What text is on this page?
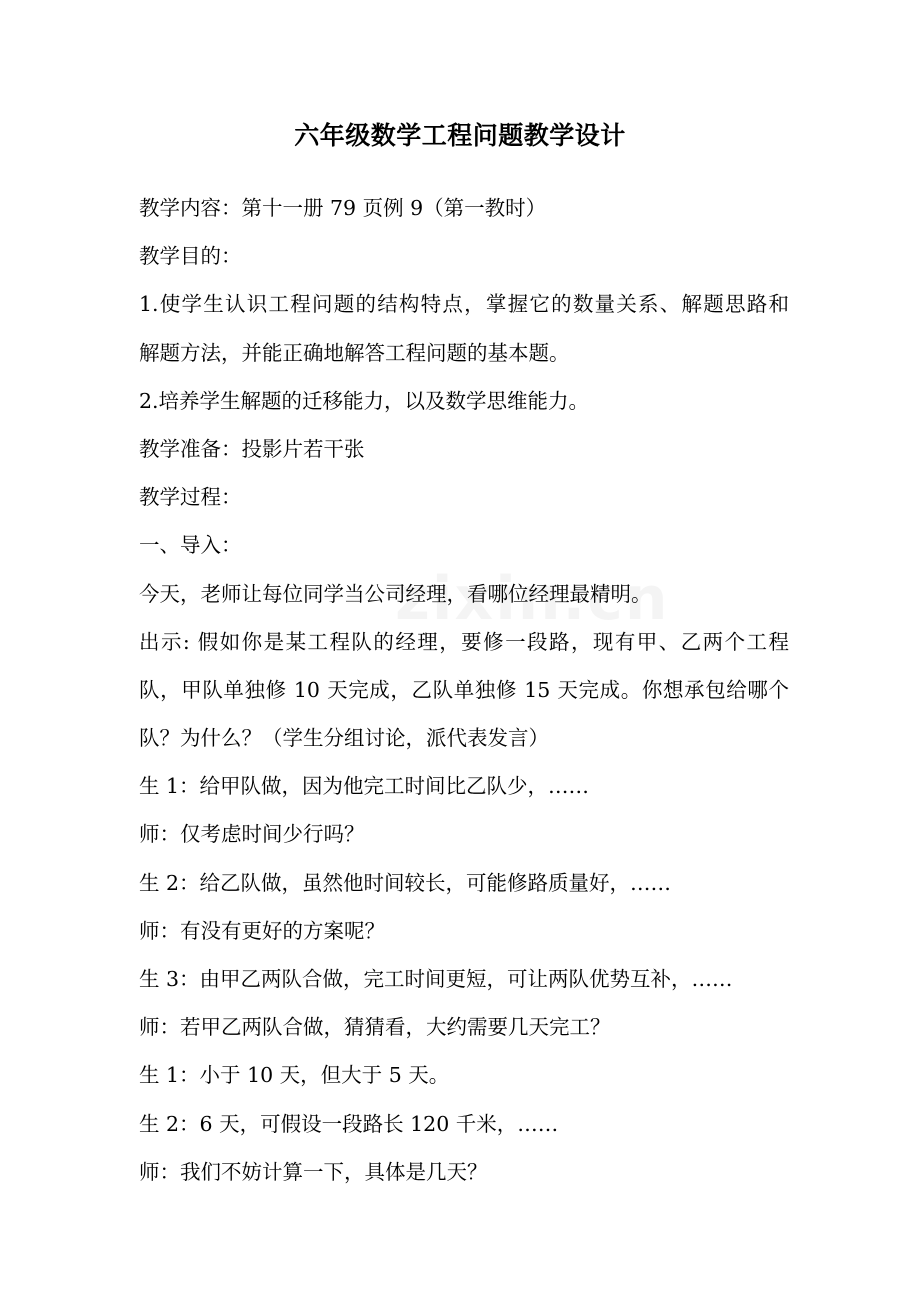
六年级数学工程问题教学设计
教学内容：第十一册 79 页例 9（第一教时）
教学目的：
1.使学生认识工程问题的结构特点，掌握它的数量关系、解题思路和
解题方法，并能正确地解答工程问题的基本题。
2.培养学生解题的迁移能力，以及数学思维能力。
教学准备：投影片若干张
教学过程：
一、导入：
今天，老师让每位同学当公司经理，看哪位经理最精明。
出示: 假如你是某工程队的经理，要修一段路，现有甲、乙两个工程
队，甲队单独修 10 天完成，乙队单独修 15 天完成。你想承包给哪个
队？为什么？（学生分组讨论，派代表发言）
生 1：给甲队做，因为他完工时间比乙队少，……
师：仅考虑时间少行吗？
生 2：给乙队做，虽然他时间较长，可能修路质量好，……
师：有没有更好的方案呢？
生 3：由甲乙两队合做，完工时间更短，可让两队优势互补，……
师：若甲乙两队合做，猜猜看，大约需要几天完工？
生 1：小于 10 天，但大于 5 天。
生 2：6 天，可假设一段路长 120 千米，……
师：我们不妨计算一下，具体是几天？
